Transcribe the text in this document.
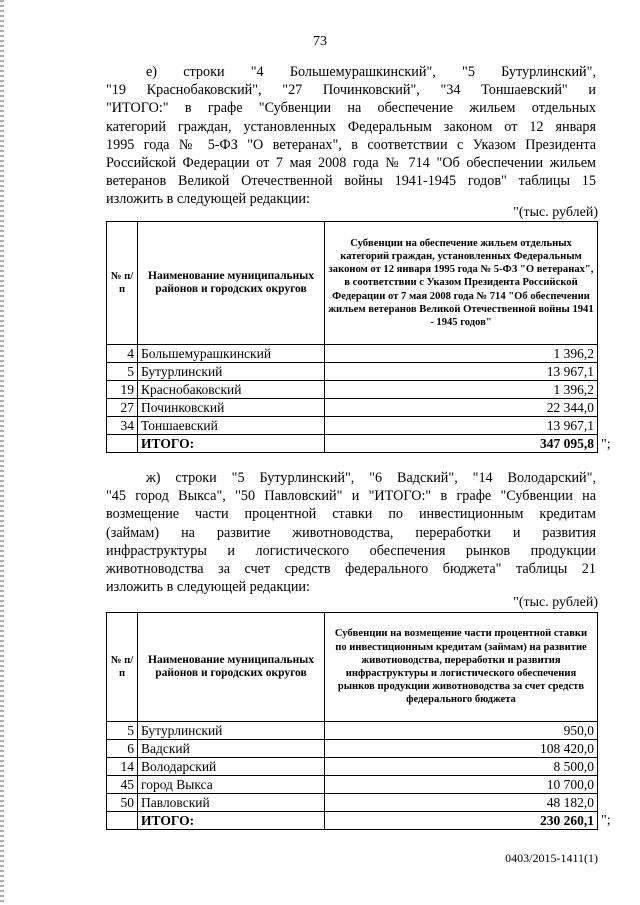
73
е) строки "4 Большемурашкинский", "5 Бутурлинский",
"19 Краснобаковский", "27 Починковский", "34 Тоншаевский" и
"ИТОГО:" в графе "Субвенции на обеспечение жильем отдельных
категорий граждан, установленных Федеральным законом от 12 января
1995 года № 5-ФЗ "О ветеранах", в соответствии с Указом Президента
Российской Федерации от 7 мая 2008 года № 714 "Об обеспечении жильем
ветеранов Великой Отечественной войны 1941-1945 годов" таблицы 15
изложить в следующей редакции:
"(тыс. рублей)
№ п/п	Наименование муниципальных районов и городских округов	Субвенции на обеспечение жильем отдельных категорий граждан, установленных Федеральным законом от 12 января 1995 года № 5-ФЗ "О ветеранах", в соответствии с Указом Президента Российской Федерации от 7 мая 2008 года № 714 "Об обеспечении жильем ветеранов Великой Отечественной войны 1941 - 1945 годов"
4	Большемурашкинский	1 396,2
5	Бутурлинский	13 967,1
19	Краснобаковский	1 396,2
27	Починковский	22 344,0
34	Тоншаевский	13 967,1
	ИТОГО:	347 095,8 ";
ж) строки "5 Бутурлинский", "6 Вадский", "14 Володарский",
"45 город Выкса", "50 Павловский" и "ИТОГО:" в графе "Субвенции на
возмещение части процентной ставки по инвестиционным кредитам
(займам) на развитие животноводства, переработки и развития
инфраструктуры и логистического обеспечения рынков продукции
животноводства за счет средств федерального бюджета" таблицы 21
изложить в следующей редакции:
"(тыс. рублей)
№ п/п	Наименование муниципальных районов и городских округов	Субвенции на возмещение части процентной ставки по инвестиционным кредитам (займам) на развитие животноводства, переработки и развития инфраструктуры и логистического обеспечения рынков продукции животноводства за счет средств федерального бюджета
5	Бутурлинский	950,0
6	Вадский	108 420,0
14	Володарский	8 500,0
45	город Выкса	10 700,0
50	Павловский	48 182,0
	ИТОГО:	230 260,1 ";
0403/2015-1411(1)
